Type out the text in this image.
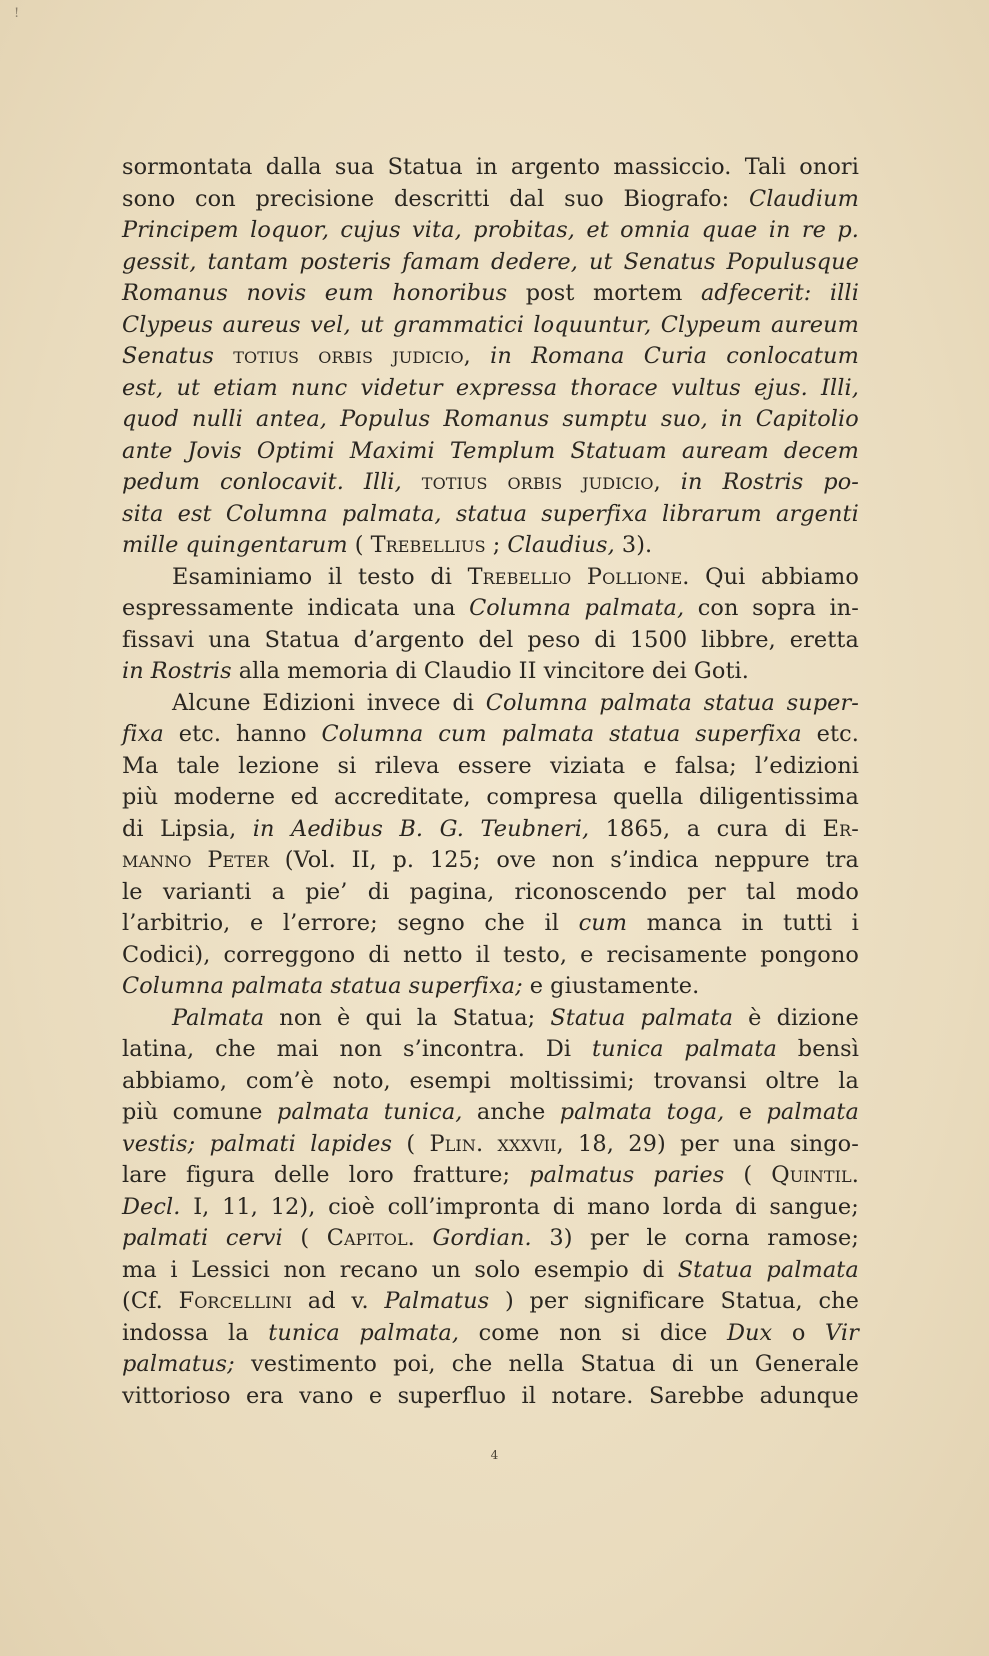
!
sormontata dalla sua Statua in argento massiccio. Tali onori
sono con precisione descritti dal suo Biografo: Claudium
Principem loquor, cujus vita, probitas, et omnia quae in re p.
gessit, tantam posteris famam dedere, ut Senatus Populusque
Romanus novis eum honoribus post mortem adfecerit: illi
Clypeus aureus vel, ut grammatici loquuntur, Clypeum aureum
Senatus totius orbis judicio, in Romana Curia conlocatum
est, ut etiam nunc videtur expressa thorace vultus ejus. Illi,
quod nulli antea, Populus Romanus sumptu suo, in Capitolio
ante Jovis Optimi Maximi Templum Statuam auream decem
pedum conlocavit. Illi, totius orbis judicio, in Rostris po-
sita est Columna palmata, statua superfixa librarum argenti
mille quingentarum ( Trebellius ; Claudius, 3).
Esaminiamo il testo di Trebellio Pollione. Qui abbiamo
espressamente indicata una Columna palmata, con sopra in-
fissavi una Statua d’argento del peso di 1500 libbre, eretta
in Rostris alla memoria di Claudio II vincitore dei Goti.
Alcune Edizioni invece di Columna palmata statua super-
fixa etc. hanno Columna cum palmata statua superfixa etc.
Ma tale lezione si rileva essere viziata e falsa; l’edizioni
più moderne ed accreditate, compresa quella diligentissima
di Lipsia, in Aedibus B. G. Teubneri, 1865, a cura di Er-
manno Peter (Vol. II, p. 125; ove non s’indica neppure tra
le varianti a pie’ di pagina, riconoscendo per tal modo
l’arbitrio, e l’errore; segno che il cum manca in tutti i
Codici), correggono di netto il testo, e recisamente pongono
Columna palmata statua superfixa; e giustamente.
Palmata non è qui la Statua; Statua palmata è dizione
latina, che mai non s’incontra. Di tunica palmata bensì
abbiamo, com’è noto, esempi moltissimi; trovansi oltre la
più comune palmata tunica, anche palmata toga, e palmata
vestis; palmati lapides ( Plin. xxxvii, 18, 29) per una singo-
lare figura delle loro fratture; palmatus paries ( Quintil.
Decl. I, 11, 12), cioè coll’impronta di mano lorda di sangue;
palmati cervi ( Capitol. Gordian. 3) per le corna ramose;
ma i Lessici non recano un solo esempio di Statua palmata
(Cf. Forcellini ad v. Palmatus ) per significare Statua, che
indossa la tunica palmata, come non si dice Dux o Vir
palmatus; vestimento poi, che nella Statua di un Generale
vittorioso era vano e superfluo il notare. Sarebbe adunque
4
